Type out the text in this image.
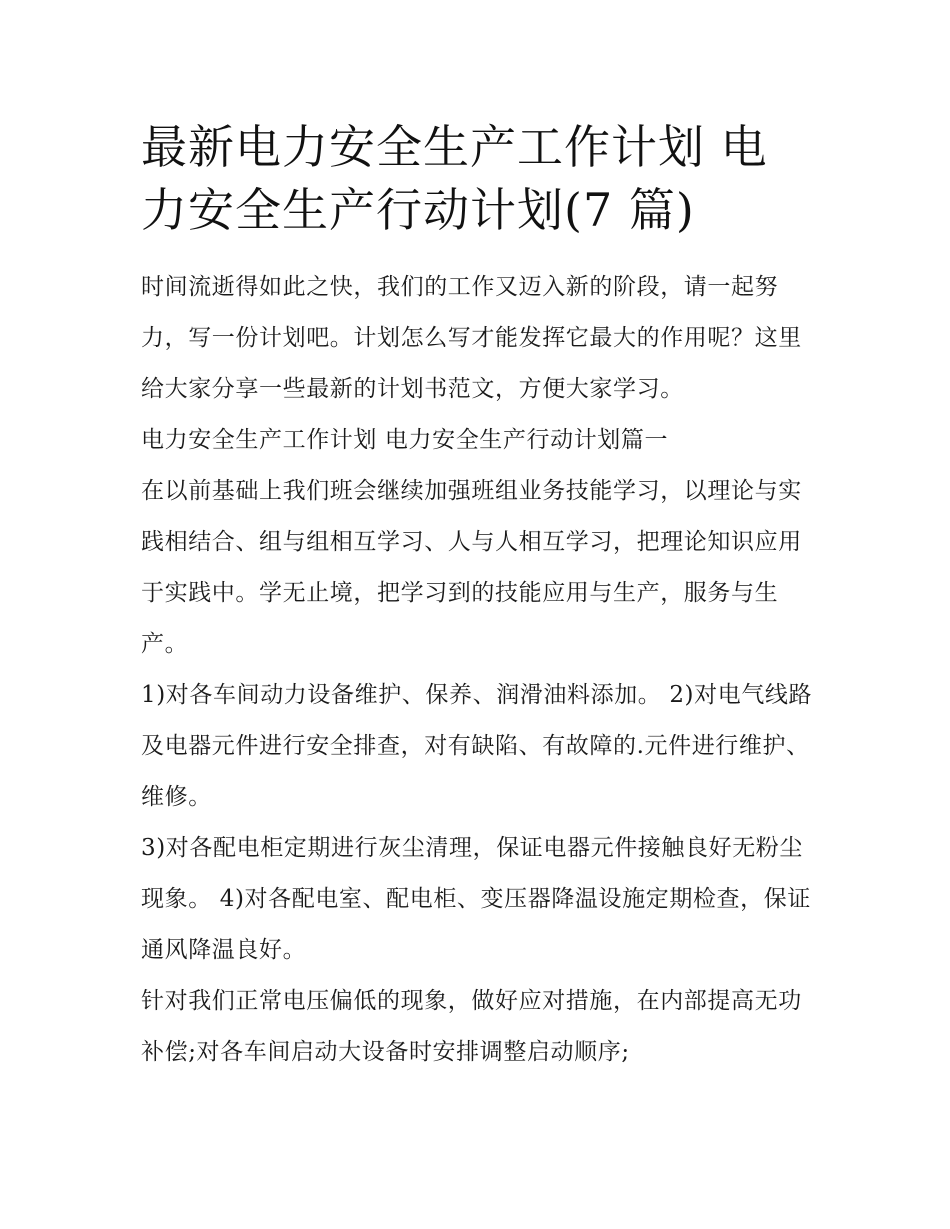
最新电力安全生产工作计划 电力安全生产行动计划(7 篇)

时间流逝得如此之快，我们的工作又迈入新的阶段，请一起努力，写一份计划吧。计划怎么写才能发挥它最大的作用呢？这里给大家分享一些最新的计划书范文，方便大家学习。

电力安全生产工作计划 电力安全生产行动计划篇一

在以前基础上我们班会继续加强班组业务技能学习，以理论与实践相结合、组与组相互学习、人与人相互学习，把理论知识应用于实践中。学无止境，把学习到的技能应用与生产，服务与生产。

1)对各车间动力设备维护、保养、润滑油料添加。 2)对电气线路及电器元件进行安全排查，对有缺陷、有故障的.元件进行维护、维修。

3)对各配电柜定期进行灰尘清理，保证电器元件接触良好无粉尘现象。 4)对各配电室、配电柜、变压器降温设施定期检查，保证通风降温良好。

针对我们正常电压偏低的现象，做好应对措施，在内部提高无功补偿;对各车间启动大设备时安排调整启动顺序;
